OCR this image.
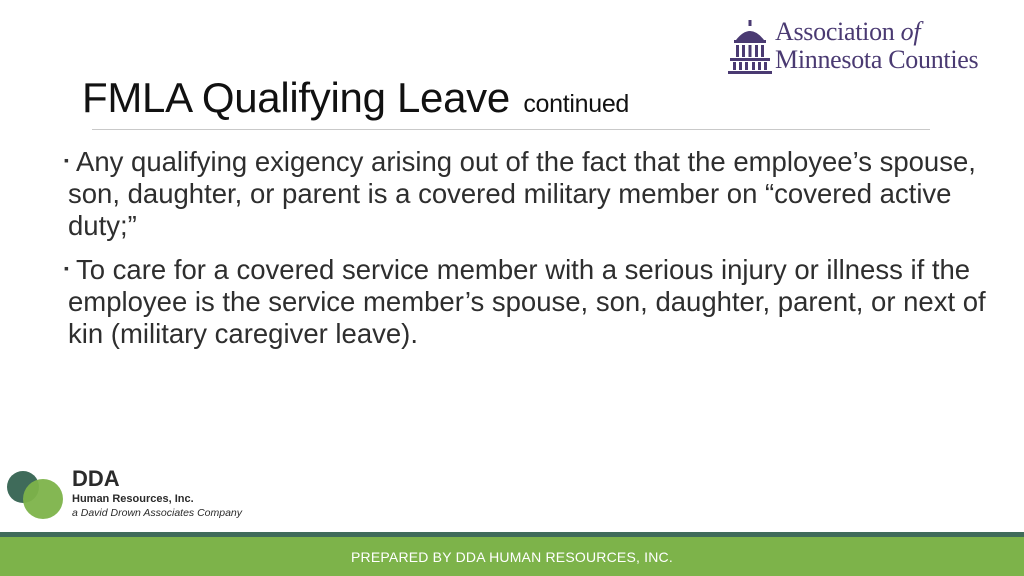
Association of
Minnesota Counties
FMLA Qualifying Leave continued
▪ Any qualifying exigency arising out of the fact that the employee’s spouse, son, daughter, or parent is a covered military member on “covered active duty;”
▪ To care for a covered service member with a serious injury or illness if the employee is the service member’s spouse, son, daughter, parent, or next of kin (military caregiver leave).
DDA
Human Resources, Inc.
a David Drown Associates Company
PREPARED BY DDA HUMAN RESOURCES, INC.
